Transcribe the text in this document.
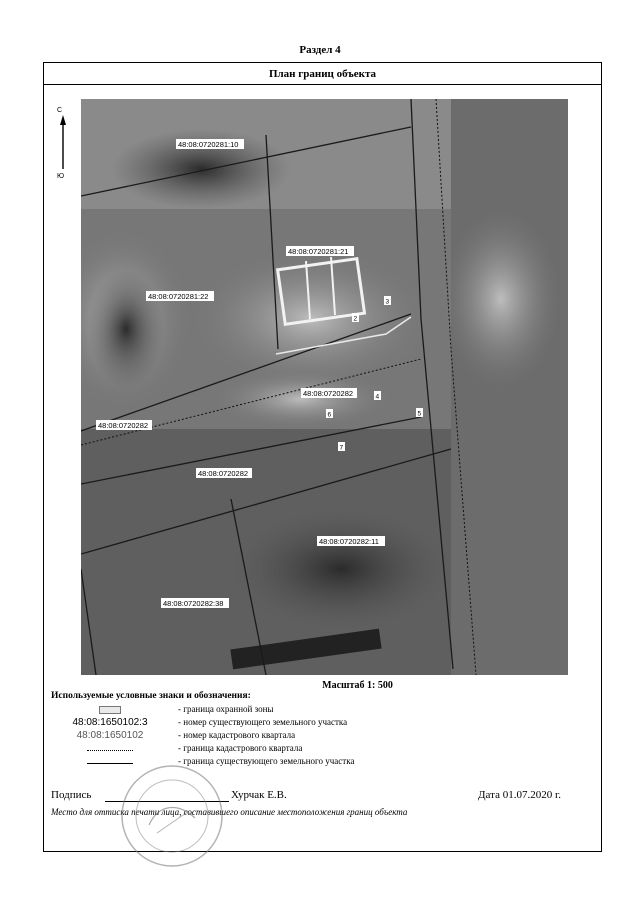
Раздел 4
План границ объекта
С
Ю
48:08:0720281:10
48:08:0720281:21
48:08:0720281:22
48:08:0720282
48:08:0720282
48:08:0720282
48:08:0720282:11
48:08:0720282:38
2
3
4
5
6
7
Масштаб 1: 500
Используемые условные знаки и обозначения:
- граница охранной зоны
48:08:1650102:3	- номер существующего земельного участка
48:08:1650102	- номер кадастрового квартала
- граница кадастрового квартала
- граница существующего земельного участка
Подпись	Хурчак Е.В.	Дата 01.07.2020 г.
Место для оттиска печати лица, составившего описание местоположения границ объекта
